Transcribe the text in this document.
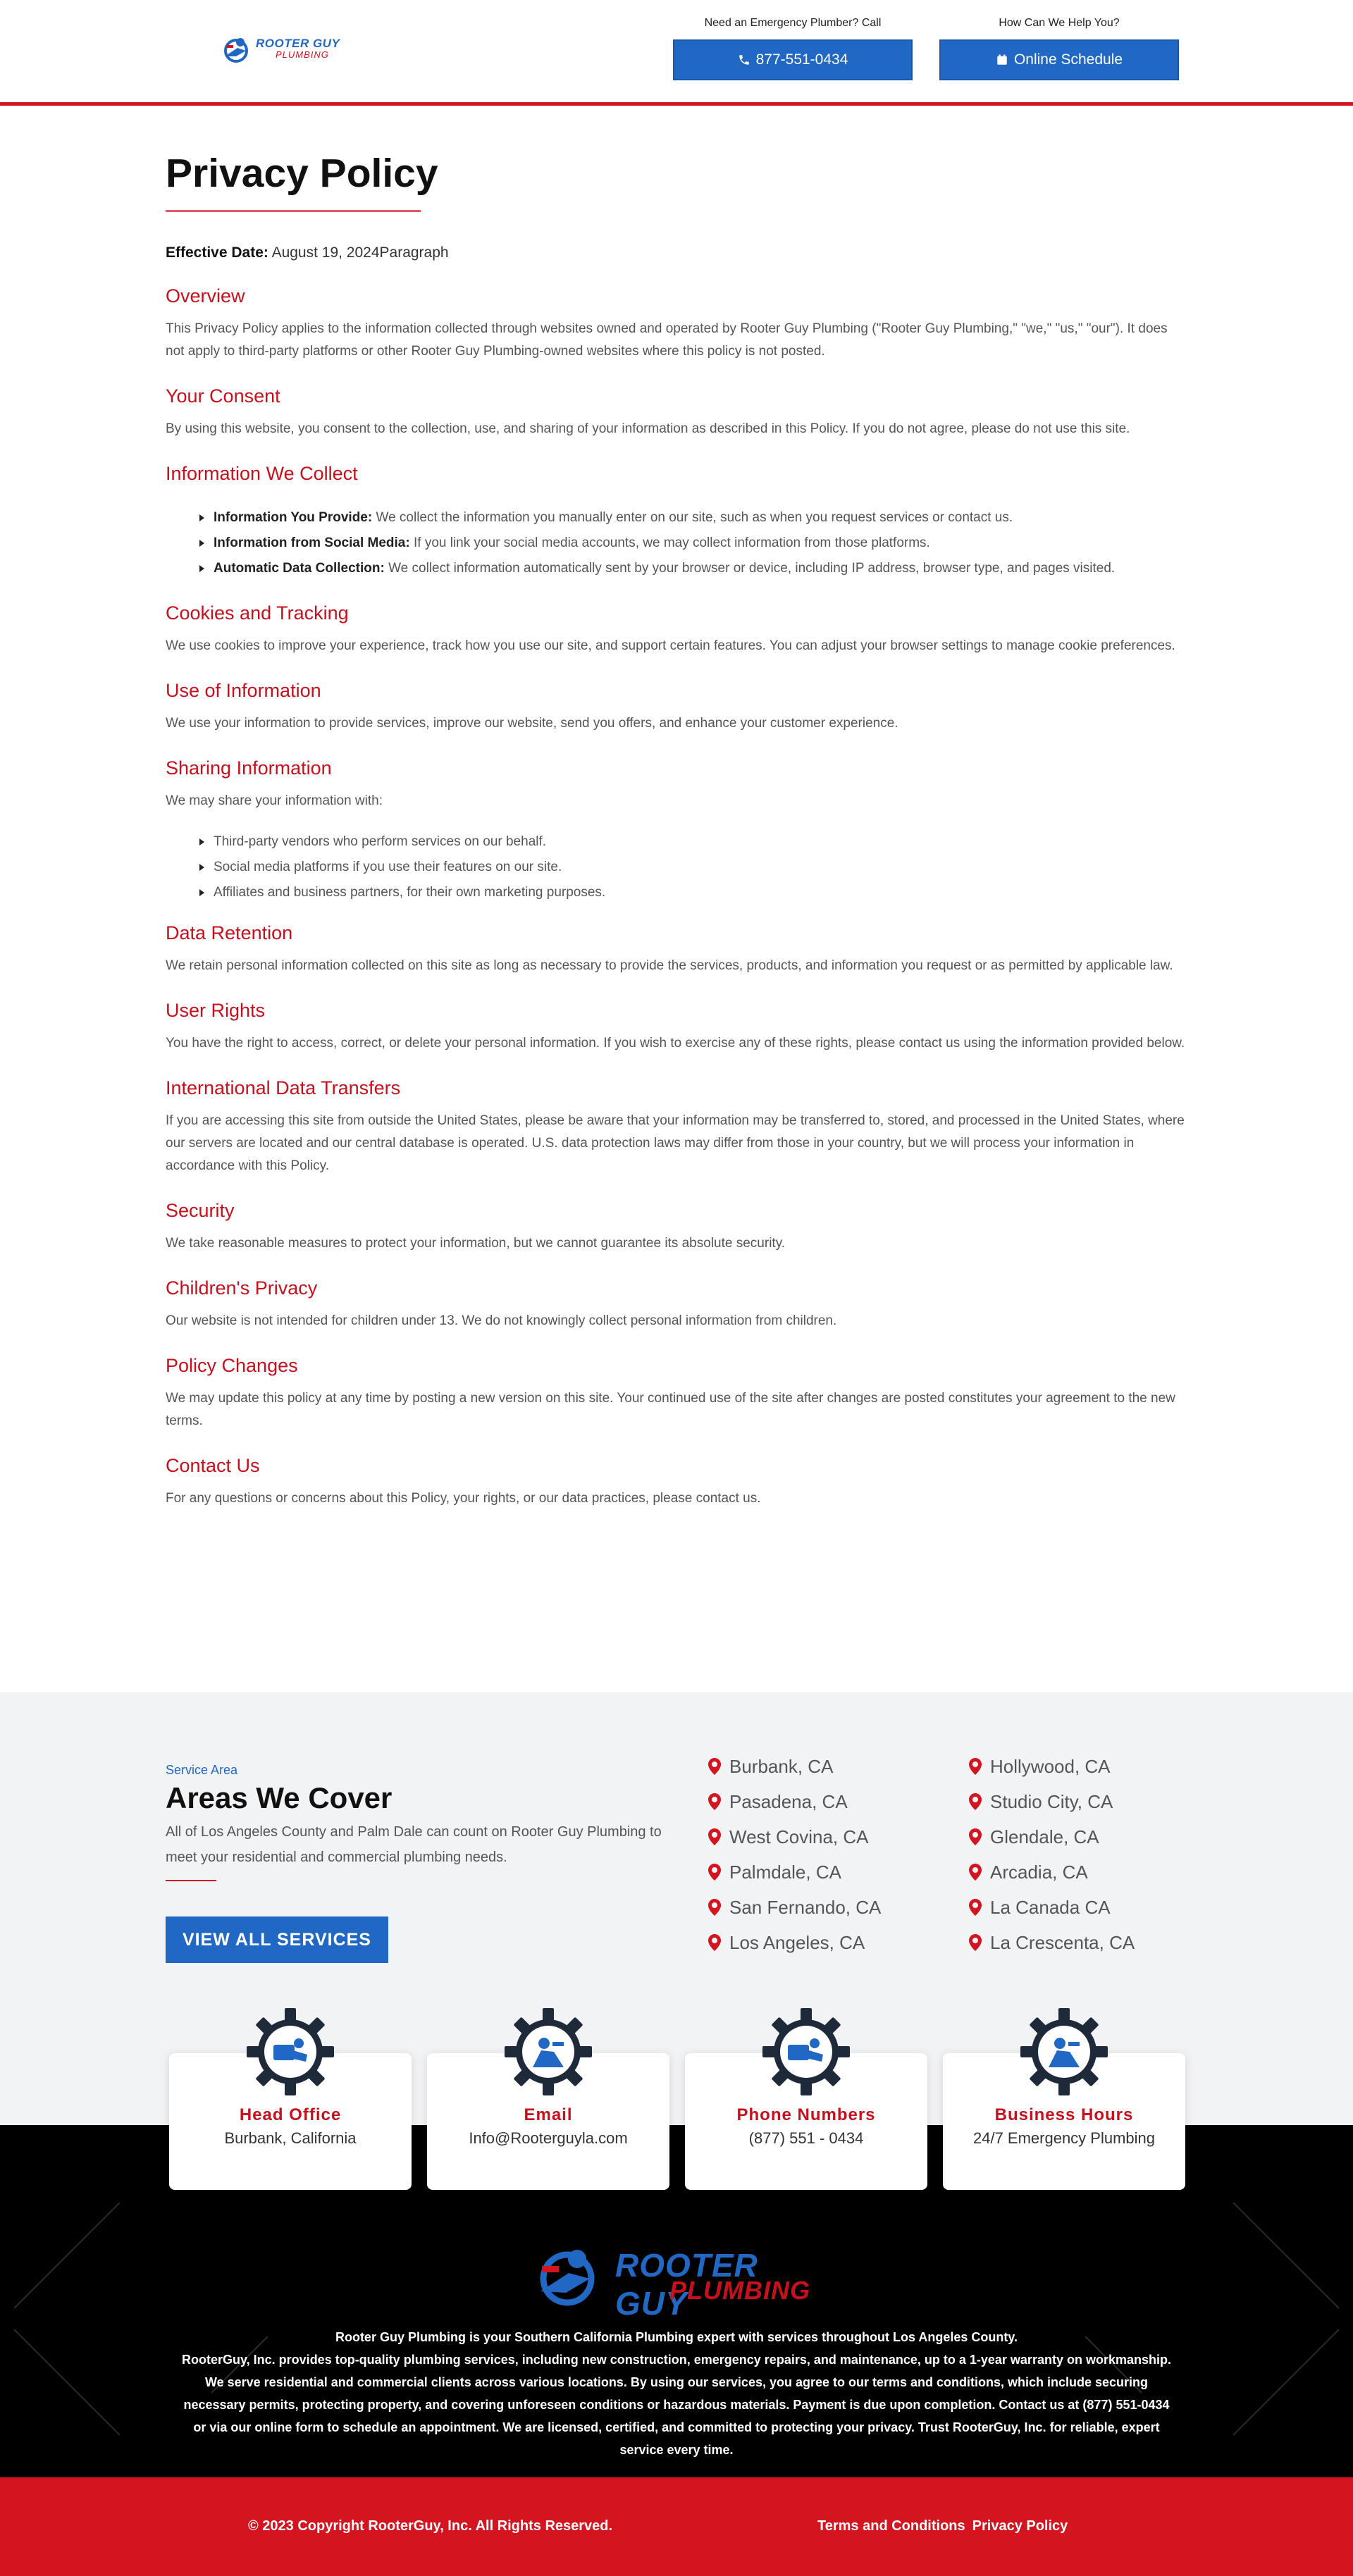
ROOTER GUY
PLUMBING
Need an Emergency Plumber? Call
877-551-0434
How Can We Help You?
Online Schedule
Privacy Policy
Effective Date: August 19, 2024Paragraph
Overview

This Privacy Policy applies to the information collected through websites owned and operated by Rooter Guy Plumbing ("Rooter Guy Plumbing," "we," "us," "our"). It does not apply to third-party platforms or other Rooter Guy Plumbing-owned websites where this policy is not posted.

Your Consent

By using this website, you consent to the collection, use, and sharing of your information as described in this Policy. If you do not agree, please do not use this site.

Information We Collect
Information You Provide: We collect the information you manually enter on our site, such as when you request services or contact us.
Information from Social Media: If you link your social media accounts, we may collect information from those platforms.
Automatic Data Collection: We collect information automatically sent by your browser or device, including IP address, browser type, and pages visited.
Cookies and Tracking

We use cookies to improve your experience, track how you use our site, and support certain features. You can adjust your browser settings to manage cookie preferences.

Use of Information

We use your information to provide services, improve our website, send you offers, and enhance your customer experience.

Sharing Information

We may share your information with:

Third-party vendors who perform services on our behalf.
Social media platforms if you use their features on our site.
Affiliates and business partners, for their own marketing purposes.
Data Retention

We retain personal information collected on this site as long as necessary to provide the services, products, and information you request or as permitted by applicable law.

User Rights

You have the right to access, correct, or delete your personal information. If you wish to exercise any of these rights, please contact us using the information provided below.

International Data Transfers

If you are accessing this site from outside the United States, please be aware that your information may be transferred to, stored, and processed in the United States, where our servers are located and our central database is operated. U.S. data protection laws may differ from those in your country, but we will process your information in accordance with this Policy.

Security

We take reasonable measures to protect your information, but we cannot guarantee its absolute security.

Children's Privacy

Our website is not intended for children under 13. We do not knowingly collect personal information from children.

Policy Changes

We may update this policy at any time by posting a new version on this site. Your continued use of the site after changes are posted constitutes your agreement to the new terms.

Contact Us

For any questions or concerns about this Policy, your rights, or our data practices, please contact us.

Service Area
Areas We Cover
All of Los Angeles County and Palm Dale can count on Rooter Guy Plumbing to meet your residential and commercial plumbing needs.
VIEW ALL SERVICES
Burbank, CA
Pasadena, CA
West Covina, CA
Palmdale, CA
San Fernando, CA
Los Angeles, CA
Hollywood, CA
Studio City, CA
Glendale, CA
Arcadia, CA
La Canada CA
La Crescenta, CA
ROOTER GUY
PLUMBING
Rooter Guy Plumbing is your Southern California Plumbing expert with services throughout Los Angeles County.
RooterGuy, Inc. provides top-quality plumbing services, including new construction, emergency repairs, and maintenance, up to a 1-year warranty on workmanship. We serve residential and commercial clients across various locations. By using our services, you agree to our terms and conditions, which include securing necessary permits, protecting property, and covering unforeseen conditions or hazardous materials. Payment is due upon completion. Contact us at (877) 551-0434 or via our online form to schedule an appointment. We are licensed, certified, and committed to protecting your privacy. Trust RooterGuy, Inc. for reliable, expert service every time.
Head Office
Burbank, California
Email
Info@Rooterguyla.com
Phone Numbers
(877) 551 - 0434
Business Hours
24/7 Emergency Plumbing
© 2023 Copyright RooterGuy, Inc. All Rights Reserved.	Terms and Conditions Privacy Policy
